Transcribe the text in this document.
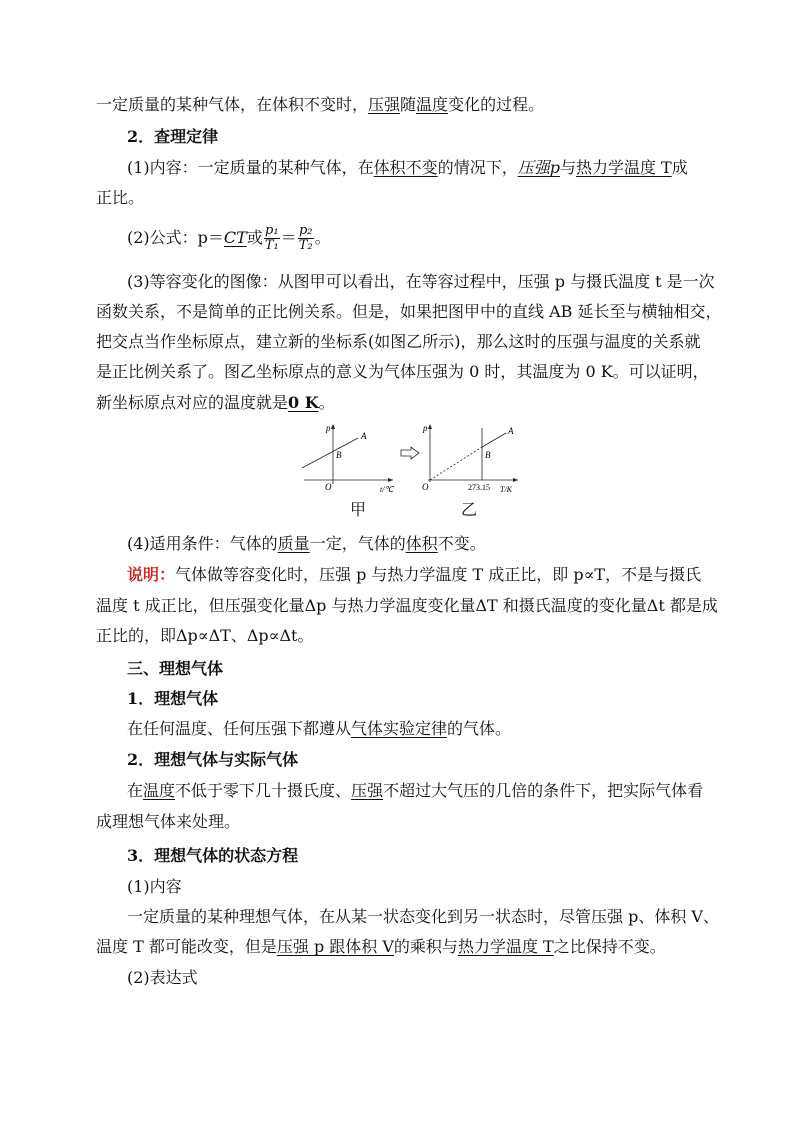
一定质量的某种气体，在体积不变时，压强随温度变化的过程。
2．查理定律
(1)内容：一定质量的某种气体，在体积不变的情况下，压强p与热力学温度 T成
正比。
(2)公式：p＝CT或 $\frac{\text{p₁}}{\text{T₁}} = \frac{\text{p₂}}{\text{T₂}}$ 。
(3)等容变化的图像：从图甲可以看出，在等容过程中，压强 p 与摄氏温度 t 是一次
函数关系，不是简单的正比例关系。但是，如果把图甲中的直线 AB 延长至与横轴相交，
把交点当作坐标原点，建立新的坐标系(如图乙所示)，那么这时的压强与温度的关系就
是正比例关系了。图乙坐标原点的意义为气体压强为 0 时，其温度为 0 K。可以证明，
新坐标原点对应的温度就是0 K。
p
A
B
O	t/℃
p	A
B
O	273.15 T/K
甲	乙
(4)适用条件：气体的质量一定，气体的体积不变。
说明：气体做等容变化时，压强 p 与热力学温度 T 成正比，即 p∝T，不是与摄氏
温度 t 成正比，但压强变化量Δp 与热力学温度变化量ΔT 和摄氏温度的变化量Δt 都是成
正比的，即Δp∝ΔT、Δp∝Δt。
三、理想气体
1．理想气体
在任何温度、任何压强下都遵从气体实验定律的气体。
2．理想气体与实际气体
在温度不低于零下几十摄氏度、压强不超过大气压的几倍的条件下，把实际气体看
成理想气体来处理。
3．理想气体的状态方程
(1)内容
一定质量的某种理想气体，在从某一状态变化到另一状态时，尽管压强 p、体积 V、
温度 T 都可能改变，但是压强 p 跟体积 V的乘积与热力学温度 T之比保持不变。
(2)表达式
